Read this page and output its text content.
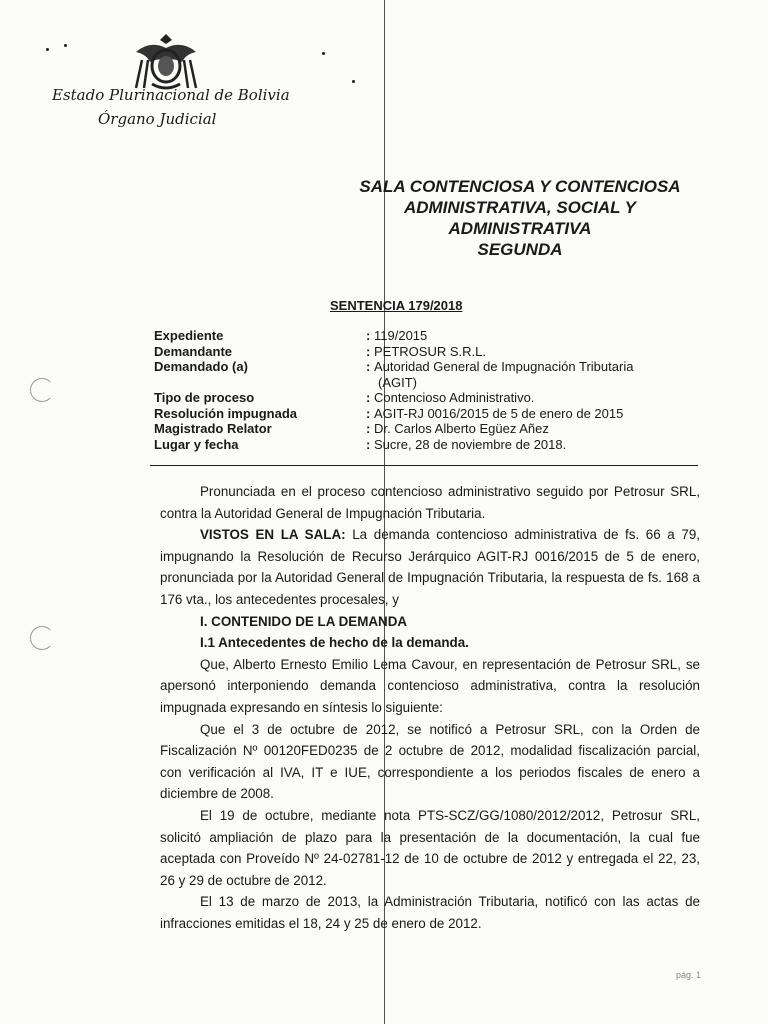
Estado Plurinacional de Bolivia
Órgano Judicial
SALA CONTENCIOSA Y CONTENCIOSA
ADMINISTRATIVA, SOCIAL Y
ADMINISTRATIVA
SEGUNDA
SENTENCIA 179/2018
Expediente	: 119/2015
Demandante	: PETROSUR S.R.L.
Demandado (a)	: Autoridad General de Impugnación Tributaria
(AGIT)
Tipo de proceso	: Contencioso Administrativo.
Resolución impugnada	: AGIT-RJ 0016/2015 de 5 de enero de 2015
Magistrado Relator	: Dr. Carlos Alberto Egüez Añez
Lugar y fecha	: Sucre, 28 de noviembre de 2018.

Pronunciada en el proceso contencioso administrativo seguido por Petrosur SRL, contra la Autoridad General de Impugnación Tributaria.

VISTOS EN LA SALA: La demanda contencioso administrativa de fs. 66 a 79, impugnando la Resolución de Recurso Jerárquico AGIT-RJ 0016/2015 de 5 de enero, pronunciada por la Autoridad General de Impugnación Tributaria, la respuesta de fs. 168 a 176 vta., los antecedentes procesales, y

I. CONTENIDO DE LA DEMANDA

I.1 Antecedentes de hecho de la demanda.

Que, Alberto Ernesto Emilio Lema Cavour, en representación de Petrosur SRL, se apersonó interponiendo demanda contencioso administrativa, contra la resolución impugnada expresando en síntesis lo siguiente:

Que el 3 de octubre de 2012, se notificó a Petrosur SRL, con la Orden de Fiscalización Nº 00120FED0235 de 2 octubre de 2012, modalidad fiscalización parcial, con verificación al IVA, IT e IUE, correspondiente a los periodos fiscales de enero a diciembre de 2008.

El 19 de octubre, mediante nota PTS-SCZ/GG/1080/2012/2012, Petrosur SRL, solicitó ampliación de plazo para la presentación de la documentación, la cual fue aceptada con Proveído Nº 24-02781-12 de 10 de octubre de 2012 y entregada el 22, 23, 26 y 29 de octubre de 2012.

El 13 de marzo de 2013, la Administración Tributaria, notificó con las actas de infracciones emitidas el 18, 24 y 25 de enero de 2012.

pág. 1
